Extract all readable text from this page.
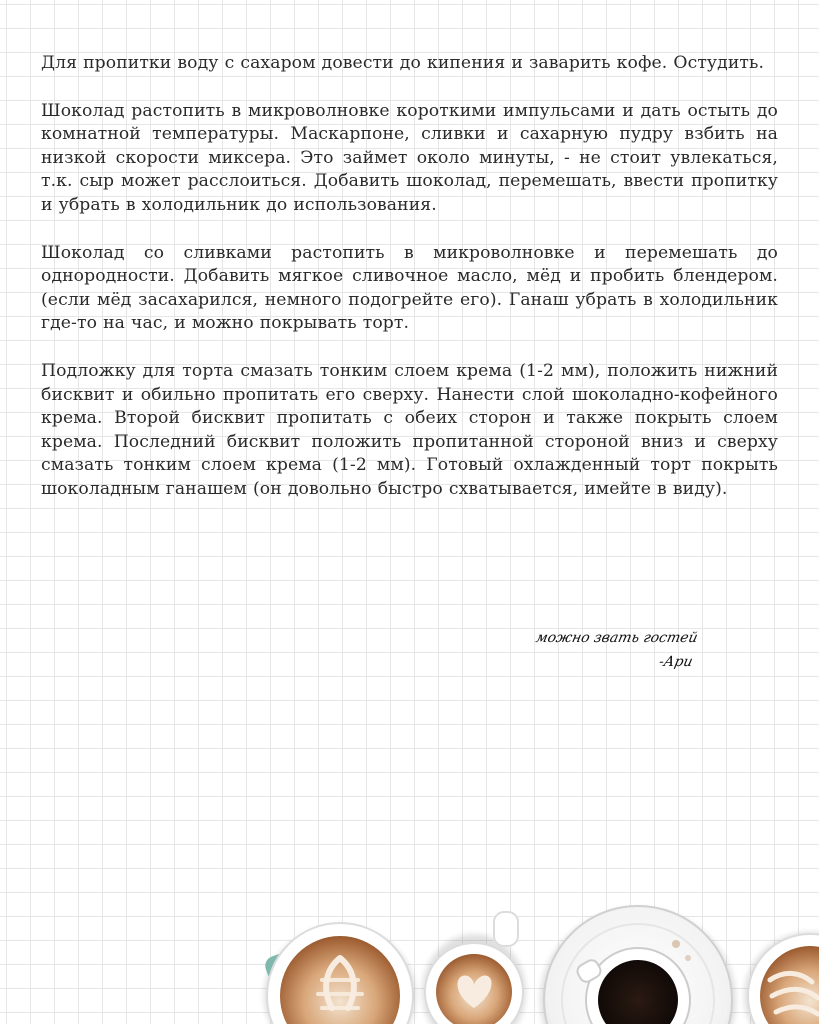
Для пропитки воду с сахаром довести до кипения и заварить кофе. Остудить.

Шоколад растопить в микроволновке короткими импульсами и дать остыть до комнатной температуры. Маскарпоне, сливки и сахарную пудру взбить на низкой скорости миксера. Это займет около минуты, - не стоит увлекаться, т.к. сыр может расслоиться. Добавить шоколад, перемешать, ввести пропитку и убрать в холодильник до использования.

Шоколад со сливками растопить в микроволновке и перемешать до однородности. Добавить мягкое сливочное масло, мёд и пробить блендером. (если мёд засахарился, немного подогрейте его). Ганаш убрать в холодильник где-то на час, и можно покрывать торт.

Подложку для торта смазать тонким слоем крема (1-2 мм), положить нижний бисквит и обильно пропитать его сверху. Нанести слой шоколадно-кофейного крема. Второй бисквит пропитать с обеих сторон и также покрыть слоем крема. Последний бисквит положить пропитанной стороной вниз и сверху смазать тонким слоем крема (1-2 мм). Готовый охлажденный торт покрыть шоколадным ганашем (он довольно быстро схватывается, имейте в виду).

можно звать гостей
-Ари
